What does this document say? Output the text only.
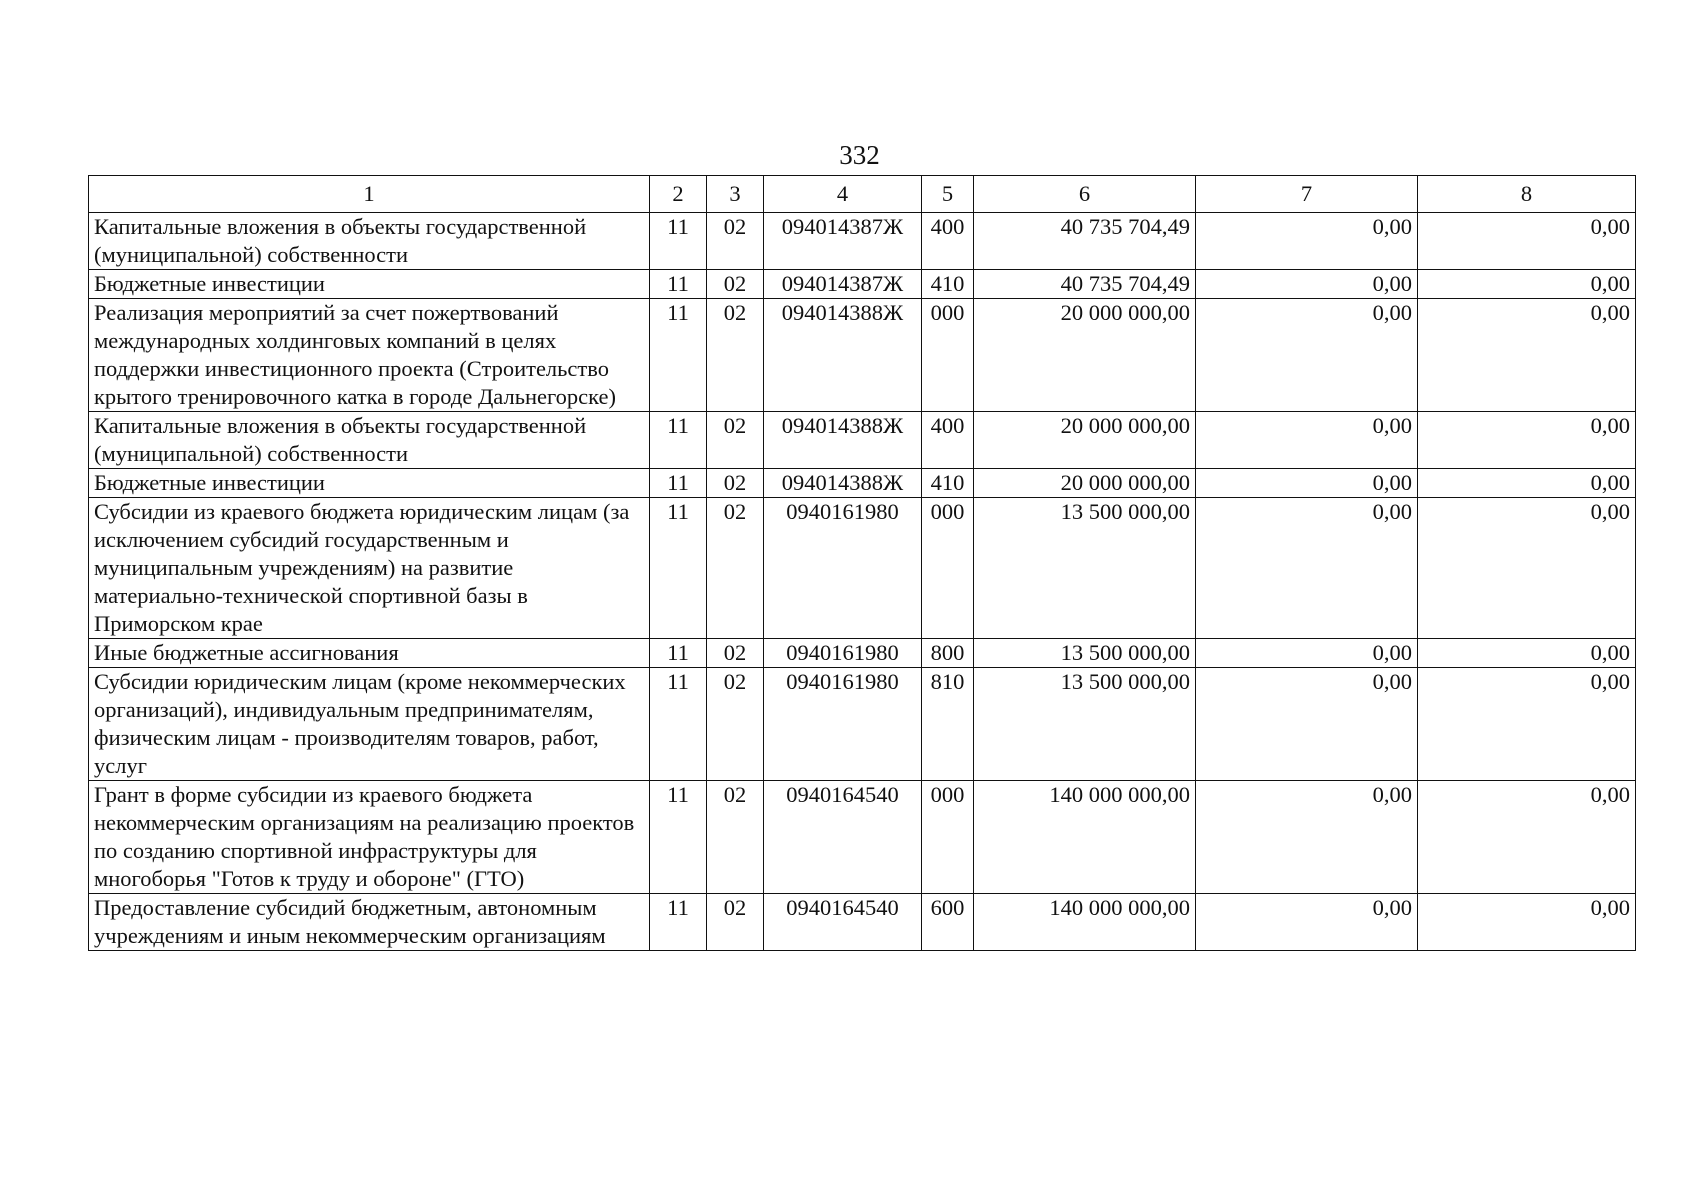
332
1	2	3	4	5	6	7	8
Капитальные вложения в объекты государственной (муниципальной) собственности	11	02	094014387Ж	400	40 735 704,49	0,00	0,00
Бюджетные инвестиции	11	02	094014387Ж	410	40 735 704,49	0,00	0,00
Реализация мероприятий за счет пожертвований международных холдинговых компаний в целях поддержки инвестиционного проекта (Строительство крытого тренировочного катка в городе Дальнегорске)	11	02	094014388Ж	000	20 000 000,00	0,00	0,00
Капитальные вложения в объекты государственной (муниципальной) собственности	11	02	094014388Ж	400	20 000 000,00	0,00	0,00
Бюджетные инвестиции	11	02	094014388Ж	410	20 000 000,00	0,00	0,00
Субсидии из краевого бюджета юридическим лицам (за исключением субсидий государственным и муниципальным учреждениям) на развитие материально-технической спортивной базы в Приморском крае	11	02	0940161980	000	13 500 000,00	0,00	0,00
Иные бюджетные ассигнования	11	02	0940161980	800	13 500 000,00	0,00	0,00
Субсидии юридическим лицам (кроме некоммерческих организаций), индивидуальным предпринимателям, физическим лицам - производителям товаров, работ, услуг	11	02	0940161980	810	13 500 000,00	0,00	0,00
Грант в форме субсидии из краевого бюджета некоммерческим организациям на реализацию проектов по созданию спортивной инфраструктуры для многоборья "Готов к труду и обороне" (ГТО)	11	02	0940164540	000	140 000 000,00	0,00	0,00
Предоставление субсидий бюджетным, автономным учреждениям и иным некоммерческим организациям	11	02	0940164540	600	140 000 000,00	0,00	0,00
